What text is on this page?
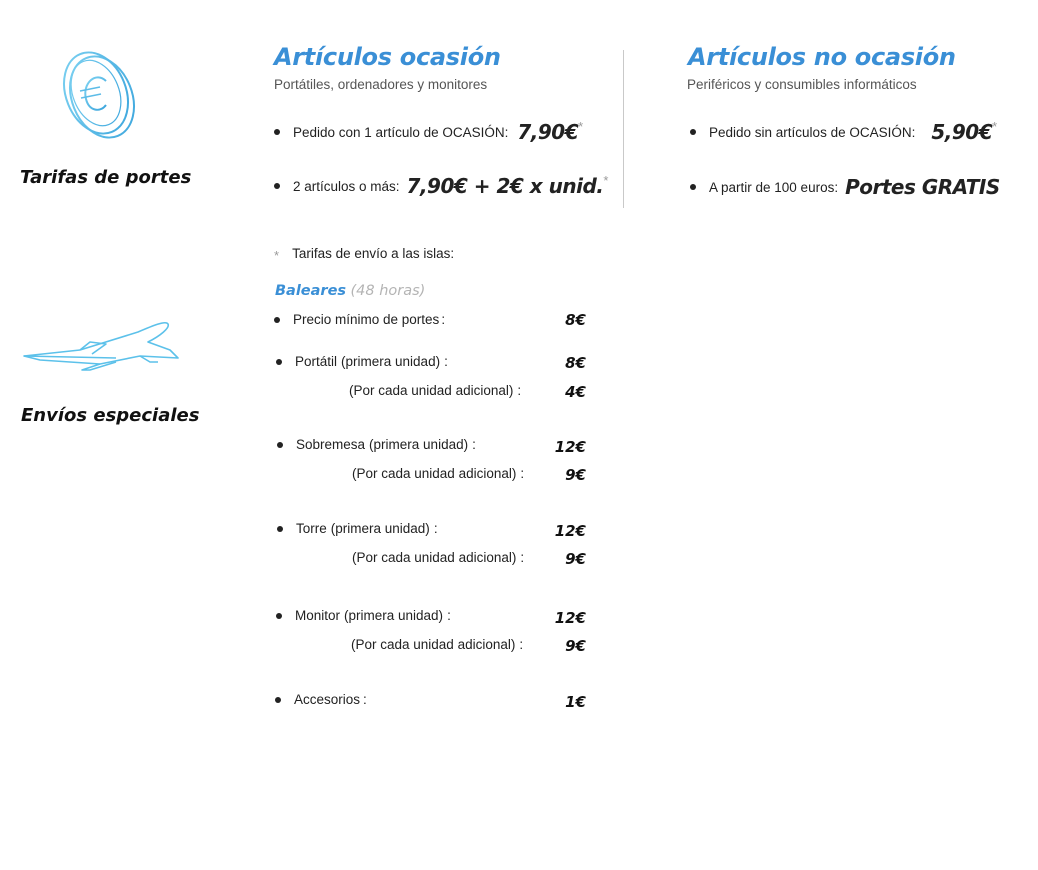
Tarifas de portes
Envíos especiales
Artículos ocasión
Portátiles, ordenadores y monitores
Pedido con 1 artículo de OCASIÓN: 7,90€ *
2 artículos o más: 7,90€ + 2€ x unid. *
Artículos no ocasión
Periféricos y consumibles informáticos
Pedido sin artículos de OCASIÓN: 5,90€ *
A partir de 100 euros: Portes GRATIS
* Tarifas de envío a las islas:
Baleares (48 horas)
Precio mínimo de portes :	8€
Portátil (primera unidad) :	8€
(Por cada unidad adicional) :	4€
Sobremesa (primera unidad) :	12€
(Por cada unidad adicional) :	9€
Torre (primera unidad) :	12€
(Por cada unidad adicional) :	9€
Monitor (primera unidad) :	12€
(Por cada unidad adicional) :	9€
Accesorios :	1€
